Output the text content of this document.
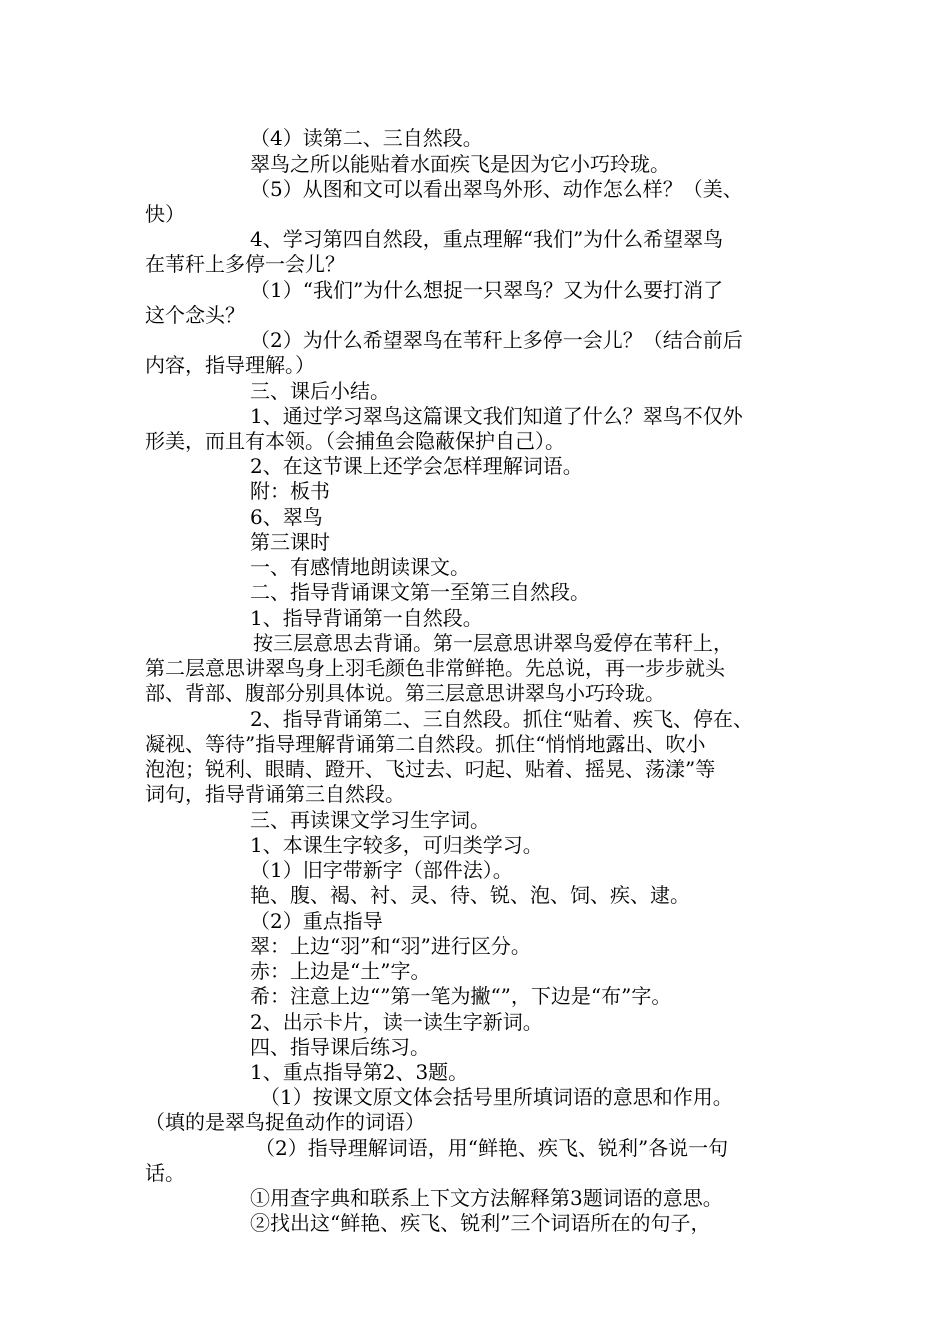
（4）读第二、三自然段。
翠鸟之所以能贴着水面疾飞是因为它小巧玲珑。
（5）从图和文可以看出翠鸟外形、动作怎么样？（美、
快）
4、学习第四自然段，重点理解“我们”为什么希望翠鸟
在苇秆上多停一会儿？
（1）“我们”为什么想捉一只翠鸟？又为什么要打消了
这个念头？
（2）为什么希望翠鸟在苇秆上多停一会儿？（结合前后
内容，指导理解。）
三、课后小结。
1、通过学习翠鸟这篇课文我们知道了什么？翠鸟不仅外
形美，而且有本领。（会捕鱼会隐蔽保护自己）。
2、在这节课上还学会怎样理解词语。
附：板书
6、翠鸟
第三课时
一、有感情地朗读课文。
二、指导背诵课文第一至第三自然段。
1、指导背诵第一自然段。
按三层意思去背诵。第一层意思讲翠鸟爱停在苇秆上，
第二层意思讲翠鸟身上羽毛颜色非常鲜艳。先总说，再一步步就头
部、背部、腹部分别具体说。第三层意思讲翠鸟小巧玲珑。
2、指导背诵第二、三自然段。抓住“贴着、疾飞、停在、
凝视、等待”指导理解背诵第二自然段。抓住“悄悄地露出、吹小
泡泡；锐利、眼睛、蹬开、飞过去、叼起、贴着、摇晃、荡漾”等
词句，指导背诵第三自然段。
三、再读课文学习生字词。
1、本课生字较多，可归类学习。
（1）旧字带新字（部件法）。
艳、腹、褐、衬、灵、待、锐、泡、饲、疾、逮。
（2）重点指导
翠：上边“羽”和“羽”进行区分。
赤：上边是“土”字。
希：注意上边“”第一笔为撇“”，下边是“布”字。
2、出示卡片，读一读生字新词。
四、指导课后练习。
1、重点指导第2、3题。
（1）按课文原文体会括号里所填词语的意思和作用。
（填的是翠鸟捉鱼动作的词语）
（2）指导理解词语，用“鲜艳、疾飞、锐利”各说一句
话。
①用查字典和联系上下文方法解释第3题词语的意思。
②找出这“鲜艳、疾飞、锐利”三个词语所在的句子，
